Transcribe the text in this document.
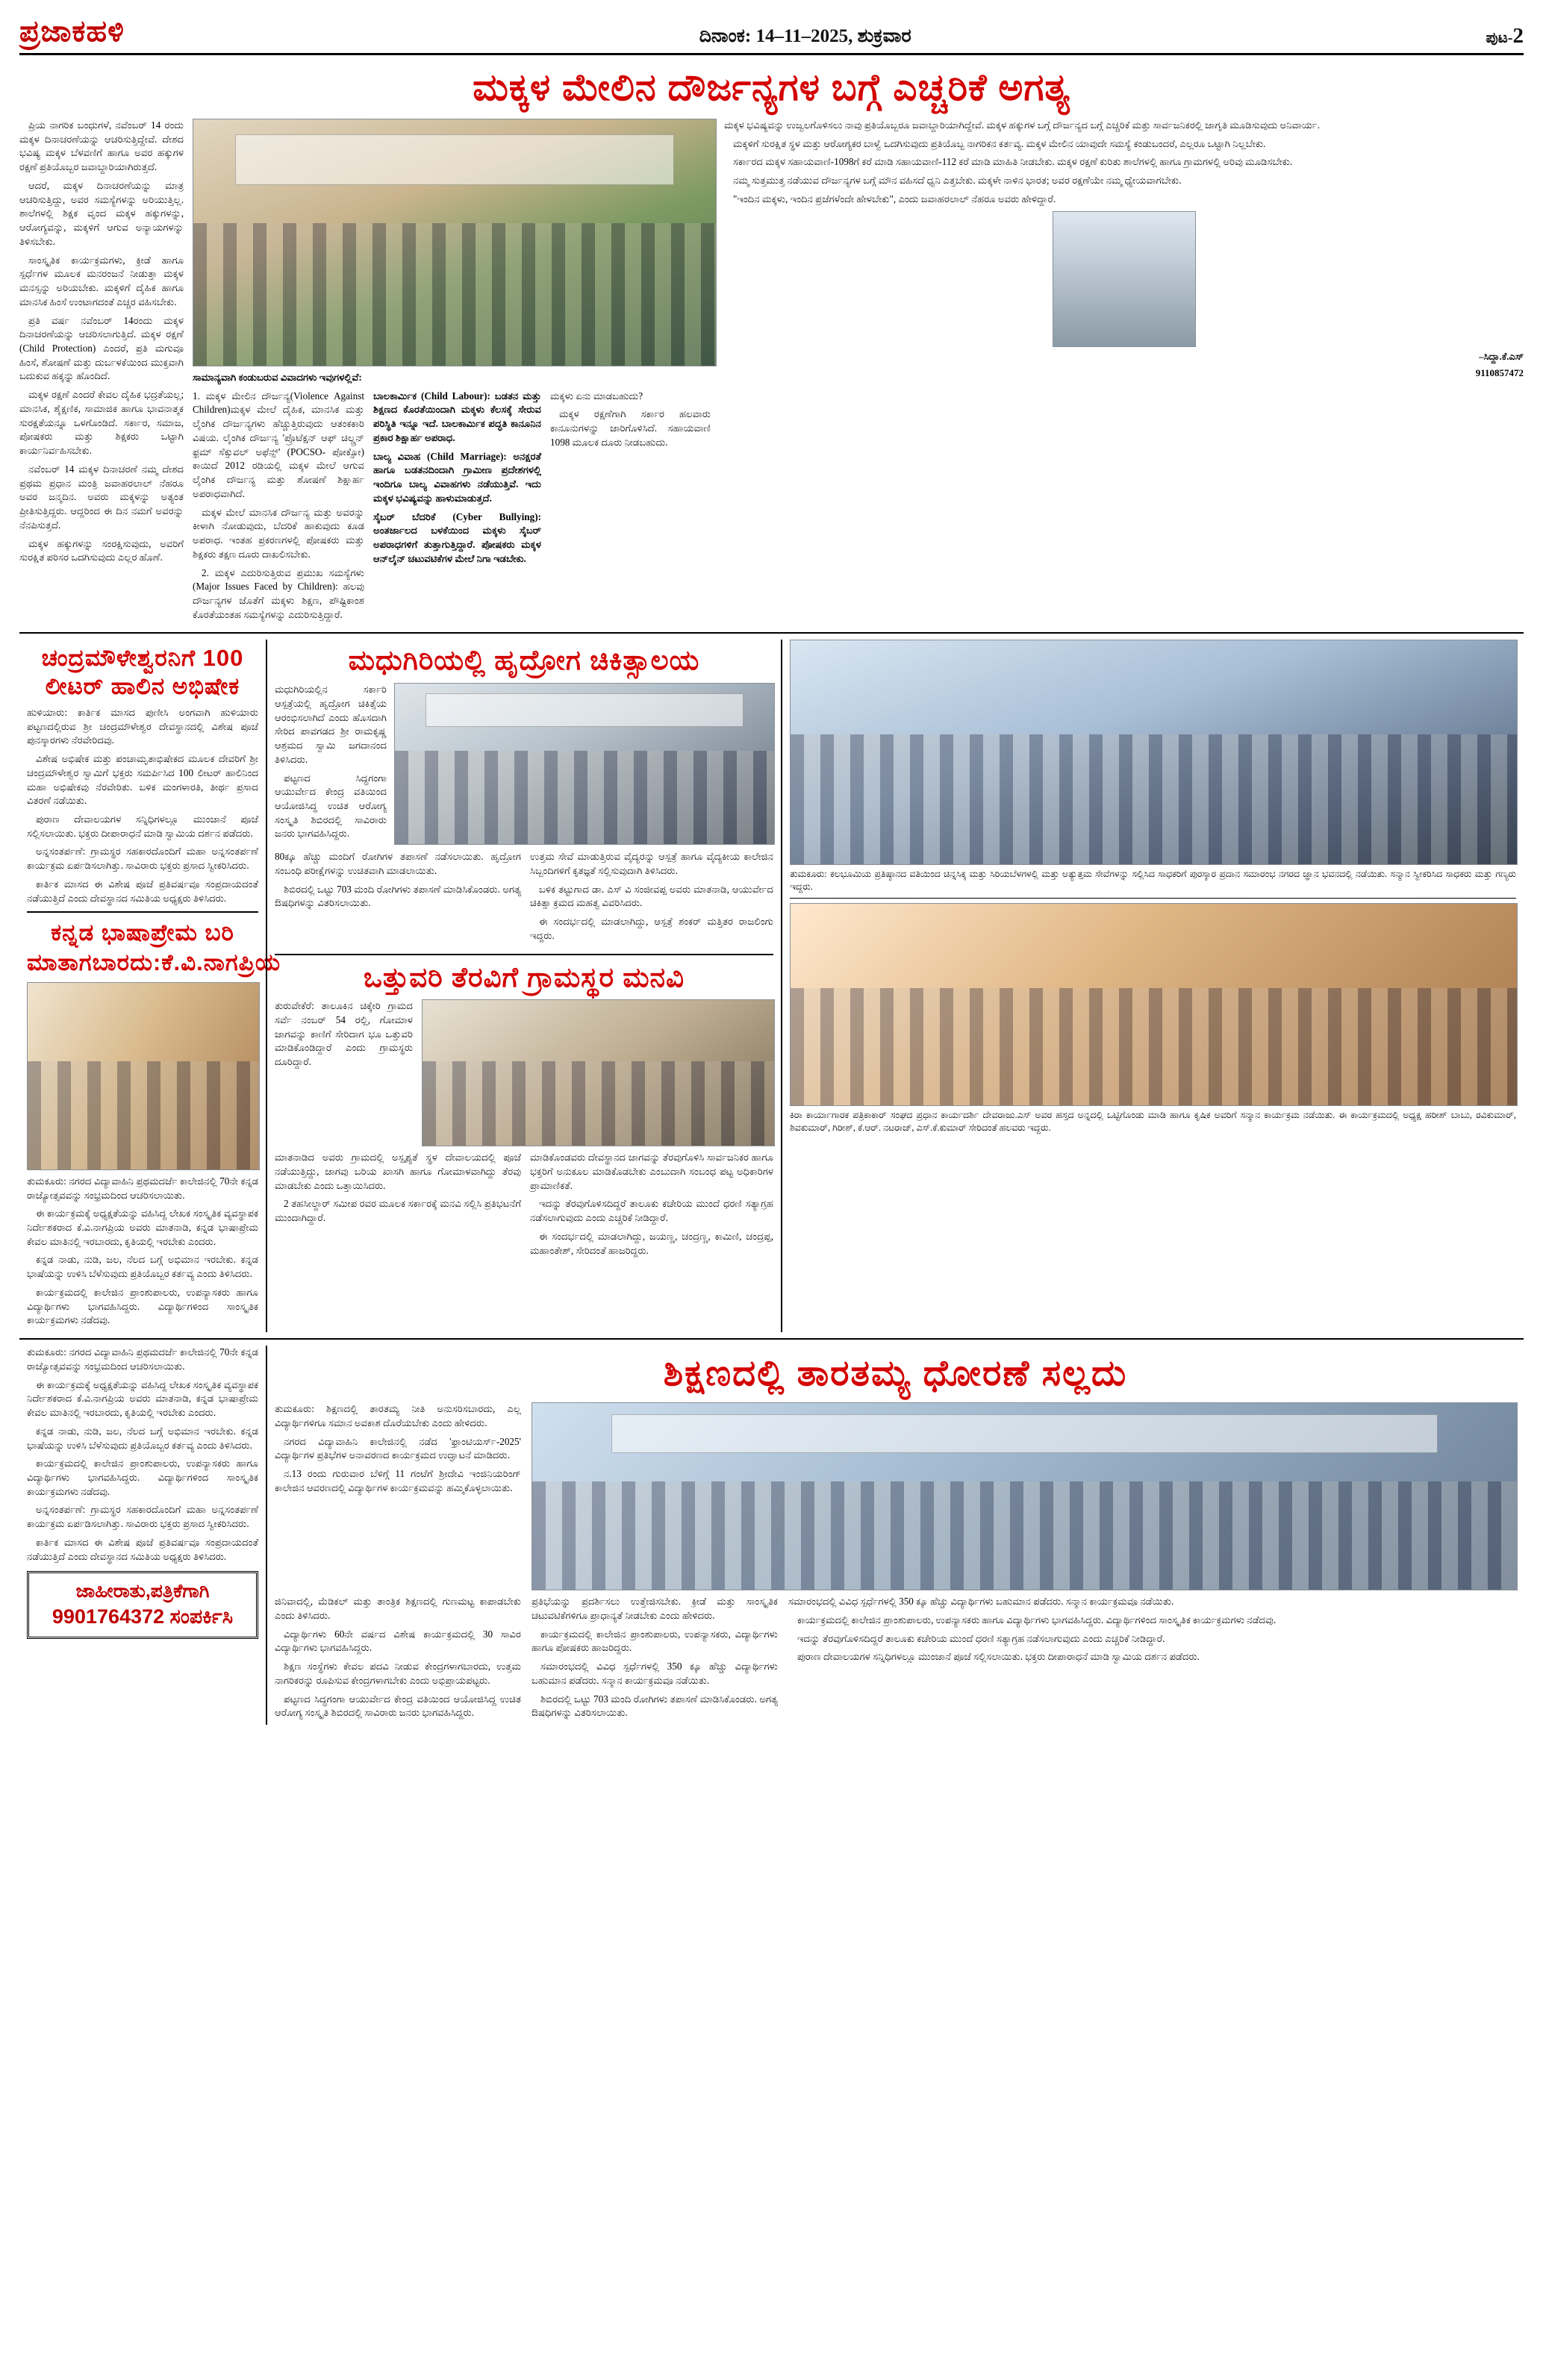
ಪ್ರಜಾಕಹಳಿ	ದಿನಾಂಕ: 14–11–2025, ಶುಕ್ರವಾರ	ಪುಟ-2
ಮಕ್ಕಳ ಮೇಲಿನ ದೌರ್ಜನ್ಯಗಳ ಬಗ್ಗೆ ಎಚ್ಚರಿಕೆ ಅಗತ್ಯ

ಪ್ರಿಯ ನಾಗರಿಕ ಬಂಧುಗಳೆ, ನವೆಂಬರ್ 14 ರಂದು ಮಕ್ಕಳ ದಿನಾಚರಣೆಯನ್ನು ಆಚರಿಸುತ್ತಿದ್ದೇವೆ. ದೇಶದ ಭವಿಷ್ಯ ಮಕ್ಕಳ ಬೆಳವಣಿಗೆ ಹಾಗೂ ಅವರ ಹಕ್ಕುಗಳ ರಕ್ಷಣೆ ಪ್ರತಿಯೊಬ್ಬರ ಜವಾಬ್ದಾರಿಯಾಗಿರುತ್ತದೆ.

ಆದರೆ, ಮಕ್ಕಳ ದಿನಾಚರಣೆಯನ್ನು ಮಾತ್ರ ಆಚರಿಸುತ್ತಿದ್ದು, ಅವರ ಸಮಸ್ಯೆಗಳನ್ನು ಅರಿಯುತ್ತಿಲ್ಲ. ಶಾಲೆಗಳಲ್ಲಿ ಶಿಕ್ಷಕ ವೃಂದ ಮಕ್ಕಳ ಹಕ್ಕುಗಳನ್ನು, ಆರೋಗ್ಯವನ್ನು, ಮಕ್ಕಳಿಗೆ ಆಗುವ ಅನ್ಯಾಯಗಳನ್ನು ತಿಳಿಸಬೇಕು.

ಸಾಂಸ್ಕೃತಿಕ ಕಾರ್ಯಕ್ರಮಗಳು, ಕ್ರೀಡೆ ಹಾಗೂ ಸ್ಪರ್ಧೆಗಳ ಮೂಲಕ ಮನರಂಜನೆ ನೀಡುತ್ತಾ ಮಕ್ಕಳ ಮನಸ್ಸನ್ನು ಅರಿಯಬೇಕು. ಮಕ್ಕಳಿಗೆ ದೈಹಿಕ ಹಾಗೂ ಮಾನಸಿಕ ಹಿಂಸೆ ಉಂಟಾಗದಂತೆ ಎಚ್ಚರ ವಹಿಸಬೇಕು.

ಪ್ರತಿ ವರ್ಷ ನವೆಂಬರ್ 14ರಂದು ಮಕ್ಕಳ ದಿನಾಚರಣೆಯನ್ನು ಆಚರಿಸಲಾಗುತ್ತಿದೆ. ಮಕ್ಕಳ ರಕ್ಷಣೆ (Child Protection) ಎಂದರೆ, ಪ್ರತಿ ಮಗುವೂ ಹಿಂಸೆ, ಶೋಷಣೆ ಮತ್ತು ದುರ್ಬಳಕೆಯಿಂದ ಮುಕ್ತವಾಗಿ ಬದುಕುವ ಹಕ್ಕನ್ನು ಹೊಂದಿದೆ.

ಮಕ್ಕಳ ರಕ್ಷಣೆ ಎಂದರೆ ಕೇವಲ ದೈಹಿಕ ಭದ್ರತೆಯಲ್ಲ; ಮಾನಸಿಕ, ಶೈಕ್ಷಣಿಕ, ಸಾಮಾಜಿಕ ಹಾಗೂ ಭಾವನಾತ್ಮಕ ಸುರಕ್ಷತೆಯನ್ನೂ ಒಳಗೊಂಡಿದೆ. ಸರ್ಕಾರ, ಸಮಾಜ, ಪೋಷಕರು ಮತ್ತು ಶಿಕ್ಷಕರು ಒಟ್ಟಾಗಿ ಕಾರ್ಯನಿರ್ವಹಿಸಬೇಕು.

ನವೆಂಬರ್ 14 ಮಕ್ಕಳ ದಿನಾಚರಣೆ ನಮ್ಮ ದೇಶದ ಪ್ರಥಮ ಪ್ರಧಾನ ಮಂತ್ರಿ ಜವಾಹರಲಾಲ್ ನೆಹರೂ ಅವರ ಜನ್ಮದಿನ. ಅವರು ಮಕ್ಕಳನ್ನು ಅತ್ಯಂತ ಪ್ರೀತಿಸುತ್ತಿದ್ದರು. ಆದ್ದರಿಂದ ಈ ದಿನ ನಮಗೆ ಅವರನ್ನು ನೆನಪಿಸುತ್ತದೆ.

ಮಕ್ಕಳ ಹಕ್ಕುಗಳನ್ನು ಸಂರಕ್ಷಿಸುವುದು, ಅವರಿಗೆ ಸುರಕ್ಷಿತ ಪರಿಸರ ಒದಗಿಸುವುದು ಎಲ್ಲರ ಹೊಣೆ.

ಸಾಮಾನ್ಯವಾಗಿ ಕಂಡುಬರುವ ವಿವಾದಗಳು ಇವುಗಳಲ್ಲಿವೆ:

1. ಮಕ್ಕಳ ಮೇಲಿನ ದೌರ್ಜನ್ಯ(Violence Against Children)ಮಕ್ಕಳ ಮೇಲೆ ದೈಹಿಕ, ಮಾನಸಿಕ ಮತ್ತು ಲೈಂಗಿಕ ದೌರ್ಜನ್ಯಗಳು ಹೆಚ್ಚುತ್ತಿರುವುದು ಆತಂಕಕಾರಿ ವಿಷಯ. ಲೈಂಗಿಕ ದೌರ್ಜನ್ಯ 'ಪ್ರೊಟೆಕ್ಷನ್ ಆಫ್ ಚಿಲ್ಡ್ರನ್ ಫ್ರಮ್ ಸೆಕ್ಸುವಲ್ ಅಫೆನ್ಸ್' (POCSO- ಪೋಕ್ಸೋ) ಕಾಯಿದೆ 2012 ರಡಿಯಲ್ಲಿ ಮಕ್ಕಳ ಮೇಲೆ ಆಗುವ ಲೈಂಗಿಕ ದೌರ್ಜನ್ಯ ಮತ್ತು ಶೋಷಣೆ ಶಿಕ್ಷಾರ್ಹ ಅಪರಾಧವಾಗಿದೆ.

ಮಕ್ಕಳ ಮೇಲೆ ಮಾನಸಿಕ ದೌರ್ಜನ್ಯ ಮತ್ತು ಅವರನ್ನು ಕೀಳಾಗಿ ನೋಡುವುದು, ಬೆದರಿಕೆ ಹಾಕುವುದು ಕೂಡ ಅಪರಾಧ. ಇಂತಹ ಪ್ರಕರಣಗಳಲ್ಲಿ ಪೋಷಕರು ಮತ್ತು ಶಿಕ್ಷಕರು ತಕ್ಷಣ ದೂರು ದಾಖಲಿಸಬೇಕು.

2. ಮಕ್ಕಳ ಎದುರಿಸುತ್ತಿರುವ ಪ್ರಮುಖ ಸಮಸ್ಯೆಗಳು (Major Issues Faced by Children): ಹಲವು ದೌರ್ಜನ್ಯಗಳ ಜೊತೆಗೆ ಮಕ್ಕಳು ಶಿಕ್ಷಣ, ಪೌಷ್ಟಿಕಾಂಶ ಕೊರತೆಯಂತಹ ಸಮಸ್ಯೆಗಳನ್ನು ಎದುರಿಸುತ್ತಿದ್ದಾರೆ.

ಬಾಲಕಾರ್ಮಿಕ (Child Labour): ಬಡತನ ಮತ್ತು ಶಿಕ್ಷಣದ ಕೊರತೆಯಿಂದಾಗಿ ಮಕ್ಕಳು ಕೆಲಸಕ್ಕೆ ಸೇರುವ ಪರಿಸ್ಥಿತಿ ಇನ್ನೂ ಇದೆ. ಬಾಲಕಾರ್ಮಿಕ ಪದ್ಧತಿ ಕಾನೂನಿನ ಪ್ರಕಾರ ಶಿಕ್ಷಾರ್ಹ ಅಪರಾಧ.

ಬಾಲ್ಯ ವಿವಾಹ (Child Marriage): ಅನಕ್ಷರತೆ ಹಾಗೂ ಬಡತನದಿಂದಾಗಿ ಗ್ರಾಮೀಣ ಪ್ರದೇಶಗಳಲ್ಲಿ ಇಂದಿಗೂ ಬಾಲ್ಯ ವಿವಾಹಗಳು ನಡೆಯುತ್ತಿವೆ. ಇದು ಮಕ್ಕಳ ಭವಿಷ್ಯವನ್ನು ಹಾಳುಮಾಡುತ್ತದೆ.

ಸೈಬರ್ ಬೆದರಿಕೆ (Cyber Bullying): ಅಂತರ್ಜಾಲದ ಬಳಕೆಯಿಂದ ಮಕ್ಕಳು ಸೈಬರ್ ಅಪರಾಧಗಳಿಗೆ ತುತ್ತಾಗುತ್ತಿದ್ದಾರೆ. ಪೋಷಕರು ಮಕ್ಕಳ ಆನ್‌ಲೈನ್ ಚಟುವಟಿಕೆಗಳ ಮೇಲೆ ನಿಗಾ ಇಡಬೇಕು.

ಮಕ್ಕಳು ಏನು ಮಾಡಬಹುದು?

ಮಕ್ಕಳ ರಕ್ಷಣೆಗಾಗಿ ಸರ್ಕಾರ ಹಲವಾರು ಕಾನೂನುಗಳನ್ನು ಜಾರಿಗೊಳಿಸಿದೆ. ಸಹಾಯವಾಣಿ 1098 ಮೂಲಕ ದೂರು ನೀಡಬಹುದು.

ಮಕ್ಕಳ ಭವಿಷ್ಯವನ್ನು ಉಜ್ವಲಗೊಳಿಸಲು ನಾವು ಪ್ರತಿಯೊಬ್ಬರೂ ಜವಾಬ್ದಾರಿಯಾಗಿದ್ದೇವೆ. ಮಕ್ಕಳ ಹಕ್ಕುಗಳ ಬಗ್ಗೆ ದೌರ್ಜನ್ಯದ ಬಗ್ಗೆ ಎಚ್ಚರಿಕೆ ಮತ್ತು ಸಾರ್ವಜನಿಕರಲ್ಲಿ ಜಾಗೃತಿ ಮೂಡಿಸುವುದು ಅನಿವಾರ್ಯ.

ಮಕ್ಕಳಿಗೆ ಸುರಕ್ಷಿತ ಸ್ಥಳ ಮತ್ತು ಆರೋಗ್ಯಕರ ಬಾಳ್ವೆ ಒದಗಿಸುವುದು ಪ್ರತಿಯೊಬ್ಬ ನಾಗರಿಕನ ಕರ್ತವ್ಯ. ಮಕ್ಕಳ ಮೇಲಿನ ಯಾವುದೇ ಸಮಸ್ಯೆ ಕಂಡುಬಂದರೆ, ಎಲ್ಲರೂ ಒಟ್ಟಾಗಿ ನಿಲ್ಲಬೇಕು.

ಸರ್ಕಾರದ ಮಕ್ಕಳ ಸಹಾಯವಾಣಿ-1098ಗೆ ಕರೆ ಮಾಡಿ ಸಹಾಯವಾಣಿ-112 ಕರೆ ಮಾಡಿ ಮಾಹಿತಿ ನೀಡಬೇಕು. ಮಕ್ಕಳ ರಕ್ಷಣೆ ಕುರಿತು ಶಾಲೆಗಳಲ್ಲಿ ಹಾಗೂ ಗ್ರಾಮಗಳಲ್ಲಿ ಅರಿವು ಮೂಡಿಸಬೇಕು.

ನಮ್ಮ ಸುತ್ತಮುತ್ತ ನಡೆಯುವ ದೌರ್ಜನ್ಯಗಳ ಬಗ್ಗೆ ಮೌನ ವಹಿಸದೆ ಧ್ವನಿ ಎತ್ತಬೇಕು. ಮಕ್ಕಳೇ ನಾಳಿನ ಭಾರತ; ಅವರ ರಕ್ಷಣೆಯೇ ನಮ್ಮ ಧ್ಯೇಯವಾಗಬೇಕು.

"ಇಂದಿನ ಮಕ್ಕಳು, ಇಂದಿನ ಪ್ರಜೆಗಳೆಂದೇ ಹೇಳಬೇಕು", ಎಂದು ಜವಾಹರಲಾಲ್ ನೆಹರೂ ಅವರು ಹೇಳಿದ್ದಾರೆ.

–ಸಿದ್ದಾ.ಕೆ.ಎಸ್
9110857472
ಚಂದ್ರಮೌಳೇಶ್ವರನಿಗೆ 100 ಲೀಟರ್ ಹಾಲಿನ ಅಭಿಷೇಕ

ಹುಳಿಯಾರು: ಕಾರ್ತಿಕ ಮಾಸದ ಪುಣೀಸಿ ಅಂಗವಾಗಿ ಹುಳಿಯಾರು ಪಟ್ಟಣದಲ್ಲಿರುವ ಶ್ರೀ ಚಂದ್ರಮೌಳೇಶ್ವರ ದೇವಸ್ಥಾನದಲ್ಲಿ ವಿಶೇಷ ಪೂಜೆ ಪುನಸ್ಕಾರಗಳು ನೆರವೇರಿದವು.

ವಿಶೇಷ ಅಭಿಷೇಕ ಮತ್ತು ಪಂಚಾಮೃತಾಭಿಷೇಕದ ಮೂಲಕ ದೇವರಿಗೆ ಶ್ರೀ ಚಂದ್ರಮೌಳೇಶ್ವರ ಸ್ವಾಮಿಗೆ ಭಕ್ತರು ಸಮರ್ಪಿಸಿದ 100 ಲೀಟರ್ ಹಾಲಿನಿಂದ ಮಹಾ ಅಭಿಷೇಕವು ನೆರವೇರಿತು. ಬಳಿಕ ಮಂಗಳಾರತಿ, ತೀರ್ಥ ಪ್ರಸಾದ ವಿತರಣೆ ನಡೆಯಿತು.

ಪುರಾಣ ದೇವಾಲಯಗಳ ಸನ್ನಿಧಿಗಳಲ್ಲೂ ಮುಂಜಾನೆ ಪೂಜೆ ಸಲ್ಲಿಸಲಾಯಿತು. ಭಕ್ತರು ದೀಪಾರಾಧನೆ ಮಾಡಿ ಸ್ವಾಮಿಯ ದರ್ಶನ ಪಡೆದರು.

ಅನ್ನಸಂತರ್ಪಣೆ: ಗ್ರಾಮಸ್ಥರ ಸಹಕಾರದೊಂದಿಗೆ ಮಹಾ ಅನ್ನಸಂತರ್ಪಣೆ ಕಾರ್ಯಕ್ರಮ ಏರ್ಪಡಿಸಲಾಗಿತ್ತು. ಸಾವಿರಾರು ಭಕ್ತರು ಪ್ರಸಾದ ಸ್ವೀಕರಿಸಿದರು.

ಕಾರ್ತಿಕ ಮಾಸದ ಈ ವಿಶೇಷ ಪೂಜೆ ಪ್ರತಿವರ್ಷವೂ ಸಂಪ್ರದಾಯದಂತೆ ನಡೆಯುತ್ತಿದೆ ಎಂದು ದೇವಸ್ಥಾನದ ಸಮಿತಿಯ ಅಧ್ಯಕ್ಷರು ತಿಳಿಸಿದರು.

ಕನ್ನಡ ಭಾಷಾಪ್ರೇಮ ಬರಿ
ಮಾತಾಗಬಾರದು:ಕೆ.ವಿ.ನಾಗಪ್ರಿಯ

ತುಮಕೂರು: ನಗರದ ವಿದ್ಯಾವಾಹಿನಿ ಪ್ರಥಮದರ್ಜೆ ಕಾಲೇಜಿನಲ್ಲಿ 70ನೇ ಕನ್ನಡ ರಾಜ್ಯೋತ್ಸವವನ್ನು ಸಂಭ್ರಮದಿಂದ ಆಚರಿಸಲಾಯಿತು.

ಈ ಕಾರ್ಯಕ್ರಮಕ್ಕೆ ಅಧ್ಯಕ್ಷತೆಯನ್ನು ವಹಿಸಿದ್ದ ಲೇಖಕ ಸಂಸ್ಕೃತಿಕ ವ್ಯವಸ್ಥಾಪಕ ನಿರ್ದೇಶಕರಾದ ಕೆ.ವಿ.ನಾಗಪ್ರಿಯ ಅವರು ಮಾತನಾಡಿ, ಕನ್ನಡ ಭಾಷಾಪ್ರೇಮ ಕೇವಲ ಮಾತಿನಲ್ಲಿ ಇರಬಾರದು, ಕೃತಿಯಲ್ಲಿ ಇರಬೇಕು ಎಂದರು.

ಕನ್ನಡ ನಾಡು, ನುಡಿ, ಜಲ, ನೆಲದ ಬಗ್ಗೆ ಅಭಿಮಾನ ಇರಬೇಕು. ಕನ್ನಡ ಭಾಷೆಯನ್ನು ಉಳಿಸಿ ಬೆಳೆಸುವುದು ಪ್ರತಿಯೊಬ್ಬರ ಕರ್ತವ್ಯ ಎಂದು ತಿಳಿಸಿದರು.

ಕಾರ್ಯಕ್ರಮದಲ್ಲಿ ಕಾಲೇಜಿನ ಪ್ರಾಂಶುಪಾಲರು, ಉಪನ್ಯಾಸಕರು ಹಾಗೂ ವಿದ್ಯಾರ್ಥಿಗಳು ಭಾಗವಹಿಸಿದ್ದರು. ವಿದ್ಯಾರ್ಥಿಗಳಿಂದ ಸಾಂಸ್ಕೃತಿಕ ಕಾರ್ಯಕ್ರಮಗಳು ನಡೆದವು.

ಮಧುಗಿರಿಯಲ್ಲಿ ಹೃದ್ರೋಗ ಚಿಕಿತ್ಸಾಲಯ

ಮಧುಗಿರಿಯಲ್ಲಿನ ಸರ್ಕಾರಿ ಆಸ್ಪತ್ರೆಯಲ್ಲಿ ಹೃದ್ರೋಗ ಚಿಕಿತ್ಸೆಯ ಆರಂಭಿಸಲಾಗಿದೆ ಎಂದು ಹೊಸದಾಗಿ ಸೇರಿದ ಪಾವಗಡದ ಶ್ರೀ ರಾಮಕೃಷ್ಣ ಆಶ್ರಮದ ಸ್ವಾಮಿ ಜಗದಾನಂದ ತಿಳಿಸಿದರು.

ಪಟ್ಟಣದ ಸಿದ್ಧಗಂಗಾ ಆಯುರ್ವೇದ ಕೇಂದ್ರ ವತಿಯಿಂದ ಆಯೋಜಿಸಿದ್ದ ಉಚಿತ ಆರೋಗ್ಯ ಸಂಸ್ಕೃತಿ ಶಿಬಿರದಲ್ಲಿ ಸಾವಿರಾರು ಜನರು ಭಾಗವಹಿಸಿದ್ದರು.

80ಕ್ಕೂ ಹೆಚ್ಚು ಮಂದಿಗೆ ರೋಗಿಗಳ ತಪಾಸಣೆ ನಡೆಸಲಾಯಿತು. ಹೃದ್ರೋಗ ಸಂಬಂಧಿ ಪರೀಕ್ಷೆಗಳನ್ನು ಉಚಿತವಾಗಿ ಮಾಡಲಾಯಿತು.

ಶಿಬಿರದಲ್ಲಿ ಒಟ್ಟು 703 ಮಂದಿ ರೋಗಿಗಳು ತಪಾಸಣೆ ಮಾಡಿಸಿಕೊಂಡರು. ಅಗತ್ಯ ಔಷಧಿಗಳನ್ನು ವಿತರಿಸಲಾಯಿತು.

ಉತ್ತಮ ಸೇವೆ ಮಾಡುತ್ತಿರುವ ವೈದ್ಯರನ್ನು ಆಸ್ಪತ್ರೆ ಹಾಗೂ ವೈದ್ಯಕೀಯ ಕಾಲೇಜಿನ ಸಿಬ್ಬಂದಿಗಳಿಗೆ ಕೃತಜ್ಞತೆ ಸಲ್ಲಿಸುವುದಾಗಿ ತಿಳಿಸಿದರು.

ಬಳಿಕ ತಟ್ಟುಗಾದ ಡಾ. ಎಸ್ ವಿ ಸಂಜೀವಪ್ಪ ಅವರು ಮಾತನಾಡಿ, ಆಯುರ್ವೇದ ಚಿಕಿತ್ಸಾ ಕ್ರಮದ ಮಹತ್ವ ವಿವರಿಸಿದರು.

ಈ ಸಂದರ್ಭದಲ್ಲಿ ಮಾಡಲಾಗಿದ್ದು, ಆಸ್ಪತ್ರೆ ಶಂಕರ್ ಮತ್ತಿತರ ರಾಜಲಿಂಗು ಇದ್ದರು.

ಒತ್ತುವರಿ ತೆರವಿಗೆ ಗ್ರಾಮಸ್ಥರ ಮನವಿ

ತುರುವೇಕೆರೆ: ತಾಲೂಕಿನ ಚಿಕ್ಕೇರಿ ಗ್ರಾಮದ ಸರ್ವೆ ನಂಬರ್ 54 ರಲ್ಲಿ, ಗೋಮಾಳ ಜಾಗವನ್ನು ಕಾಣಿಗೆ ಸೇರಿದಾಗ ಭೂ ಒತ್ತುವರಿ ಮಾಡಿಕೊಂಡಿದ್ದಾರೆ ಎಂದು ಗ್ರಾಮಸ್ಥರು ದೂರಿದ್ದಾರೆ.

ಮಾತನಾಡಿದ ಅವರು ಗ್ರಾಮದಲ್ಲಿ ಅಸ್ಪೃಶ್ಯತೆ ಸ್ಥಳ ದೇವಾಲಯದಲ್ಲಿ ಪೂಜೆ ನಡೆಯುತ್ತಿದ್ದು, ಜಾಗವು ಬರಿಯ ಖಾಸಗಿ ಹಾಗೂ ಗೋಮಾಳವಾಗಿದ್ದು ತೆರವು ಮಾಡಬೇಕು ಎಂದು ಒತ್ತಾಯಿಸಿದರು.

2 ತಹಸೀಲ್ದಾರ್ ಸಮೀಪ ರವರ ಮೂಲಕ ಸರ್ಕಾರಕ್ಕೆ ಮನವಿ ಸಲ್ಲಿಸಿ ಪ್ರತಿಭಟನೆಗೆ ಮುಂದಾಗಿದ್ದಾರೆ.

ಮಾಡಿಕೊಂಡವರು ದೇವಸ್ಥಾನದ ಜಾಗವನ್ನು ತೆರವುಗೊಳಿಸಿ ಸಾರ್ವಜನಿಕರ ಹಾಗೂ ಭಕ್ತರಿಗೆ ಅನುಕೂಲ ಮಾಡಿಕೊಡಬೇಕು ಎಂಬುದಾಗಿ ಸಂಬಂಧ ಪಟ್ಟ ಅಧಿಕಾರಿಗಳ ಪ್ರಾಮಾಣಿಕತೆ.

ಇದನ್ನು ತೆರವುಗೊಳಿಸದಿದ್ದರೆ ತಾಲೂಕು ಕಚೇರಿಯ ಮುಂದೆ ಧರಣಿ ಸತ್ಯಾಗ್ರಹ ನಡೆಸಲಾಗುವುದು ಎಂದು ಎಚ್ಚರಿಕೆ ನೀಡಿದ್ದಾರೆ.

ಈ ಸಂದರ್ಭದಲ್ಲಿ ಮಾಡಲಾಗಿದ್ದು, ಜಯಣ್ಣ, ಚಂದ್ರಣ್ಣ, ಕಾಮಿಣಿ, ಚಂದ್ರಪ್ಪ, ಮಹಾಂತೇಶ್, ಸೇರಿದಂತೆ ಹಾಜರಿದ್ದರು.

ತುಮಕೂರು: ಕಲಭೂಮಿಯ ಪ್ರತಿಷ್ಠಾನದ ವತಿಯಿಂದ ಚಿನ್ನಸಿಕ್ಕ ಮತ್ತು ಸಿರಿಯಬೆಳಗಳಲ್ಲಿ ಮತ್ತು ಅತ್ಯುತ್ತಮ ಸೇವೆಗಳನ್ನು ಸಲ್ಲಿಸಿದ ಸಾಧಕರಿಗೆ ಪುರಸ್ಕಾರ ಪ್ರದಾನ ಸಮಾರಂಭ ನಗರದ ಜ್ಞಾನ ಭವನದಲ್ಲಿ ನಡೆಯಿತು. ಸನ್ಮಾನ ಸ್ವೀಕರಿಸಿದ ಸಾಧಕರು ಮತ್ತು ಗಣ್ಯರು ಇದ್ದರು.
ಕಿರಾ ಕಾರ್ಯಾಗಾರಕ ಪತ್ರಿಕಾಕಾರ್ ಸಂಘದ ಪ್ರಧಾನ ಕಾರ್ಯದರ್ಶಿ ದೇವರಾಜು.ಎಸ್ ಅವರ ಹಸ್ತದ ಅನ್ನದಲ್ಲಿ ಒಟ್ಟಿಗೊಂಡು ಮಾಡಿ ಹಾಗೂ ಕೃಷಿಕ ಅವರಿಗೆ ಸನ್ಮಾನ ಕಾರ್ಯಕ್ರಮ ನಡೆಯಿತು. ಈ ಕಾರ್ಯಕ್ರಮದಲ್ಲಿ ಅಧ್ಯಕ್ಷ ಹರೀಶ್ ಬಾಬು, ರವಿಕುಮಾರ್, ಶಿವಕುಮಾರ್, ಗಿರೀಶ್, ಕೆ.ಆರ್. ನಟರಾಜ್, ಎಸ್.ಕೆ.ಕುಮಾರ್ ಸೇರಿದಂತೆ ಹಲವರು ಇದ್ದರು.

ತುಮಕೂರು: ನಗರದ ವಿದ್ಯಾವಾಹಿನಿ ಪ್ರಥಮದರ್ಜೆ ಕಾಲೇಜಿನಲ್ಲಿ 70ನೇ ಕನ್ನಡ ರಾಜ್ಯೋತ್ಸವವನ್ನು ಸಂಭ್ರಮದಿಂದ ಆಚರಿಸಲಾಯಿತು.

ಈ ಕಾರ್ಯಕ್ರಮಕ್ಕೆ ಅಧ್ಯಕ್ಷತೆಯನ್ನು ವಹಿಸಿದ್ದ ಲೇಖಕ ಸಂಸ್ಕೃತಿಕ ವ್ಯವಸ್ಥಾಪಕ ನಿರ್ದೇಶಕರಾದ ಕೆ.ವಿ.ನಾಗಪ್ರಿಯ ಅವರು ಮಾತನಾಡಿ, ಕನ್ನಡ ಭಾಷಾಪ್ರೇಮ ಕೇವಲ ಮಾತಿನಲ್ಲಿ ಇರಬಾರದು, ಕೃತಿಯಲ್ಲಿ ಇರಬೇಕು ಎಂದರು.

ಕನ್ನಡ ನಾಡು, ನುಡಿ, ಜಲ, ನೆಲದ ಬಗ್ಗೆ ಅಭಿಮಾನ ಇರಬೇಕು. ಕನ್ನಡ ಭಾಷೆಯನ್ನು ಉಳಿಸಿ ಬೆಳೆಸುವುದು ಪ್ರತಿಯೊಬ್ಬರ ಕರ್ತವ್ಯ ಎಂದು ತಿಳಿಸಿದರು.

ಕಾರ್ಯಕ್ರಮದಲ್ಲಿ ಕಾಲೇಜಿನ ಪ್ರಾಂಶುಪಾಲರು, ಉಪನ್ಯಾಸಕರು ಹಾಗೂ ವಿದ್ಯಾರ್ಥಿಗಳು ಭಾಗವಹಿಸಿದ್ದರು. ವಿದ್ಯಾರ್ಥಿಗಳಿಂದ ಸಾಂಸ್ಕೃತಿಕ ಕಾರ್ಯಕ್ರಮಗಳು ನಡೆದವು.

ಅನ್ನಸಂತರ್ಪಣೆ: ಗ್ರಾಮಸ್ಥರ ಸಹಕಾರದೊಂದಿಗೆ ಮಹಾ ಅನ್ನಸಂತರ್ಪಣೆ ಕಾರ್ಯಕ್ರಮ ಏರ್ಪಡಿಸಲಾಗಿತ್ತು. ಸಾವಿರಾರು ಭಕ್ತರು ಪ್ರಸಾದ ಸ್ವೀಕರಿಸಿದರು.

ಕಾರ್ತಿಕ ಮಾಸದ ಈ ವಿಶೇಷ ಪೂಜೆ ಪ್ರತಿವರ್ಷವೂ ಸಂಪ್ರದಾಯದಂತೆ ನಡೆಯುತ್ತಿದೆ ಎಂದು ದೇವಸ್ಥಾನದ ಸಮಿತಿಯ ಅಧ್ಯಕ್ಷರು ತಿಳಿಸಿದರು.

ಜಾಹೀರಾತು,ಪತ್ರಿಕೆಗಾಗಿ
9901764372 ಸಂಪರ್ಕಿಸಿ
ಶಿಕ್ಷಣದಲ್ಲಿ ತಾರತಮ್ಯ ಧೋರಣೆ ಸಲ್ಲದು

ತುಮಕೂರು: ಶಿಕ್ಷಣದಲ್ಲಿ ತಾರತಮ್ಯ ನೀತಿ ಅನುಸರಿಸಬಾರದು, ಎಲ್ಲ ವಿದ್ಯಾರ್ಥಿಗಳಿಗೂ ಸಮಾನ ಅವಕಾಶ ದೊರೆಯಬೇಕು ಎಂದು ಹೇಳಿದರು.

ನಗರದ ವಿದ್ಯಾವಾಹಿನಿ ಕಾಲೇಜಿನಲ್ಲಿ ನಡೆದ 'ಫ್ರಾಂಟಿಯರ್ಸ್-2025' ವಿದ್ಯಾರ್ಥಿಗಳ ಪ್ರತಿಭೆಗಳ ಅನಾವರಣದ ಕಾರ್ಯಕ್ರಮದ ಉದ್ಘಾಟನೆ ಮಾಡಿದರು.

ನ.13 ರಂದು ಗುರುವಾರ ಬೆಳಿಗ್ಗೆ 11 ಗಂಟೆಗೆ ಶ್ರೀದೇವಿ ಇಂಜಿನಿಯರಿಂಗ್ ಕಾಲೇಜಿನ ಆವರಣದಲ್ಲಿ ವಿದ್ಯಾರ್ಥಿಗಳ ಕಾರ್ಯಕ್ರಮವನ್ನು ಹಮ್ಮಿಕೊಳ್ಳಲಾಯಿತು.

ಜಿನಿವಾದಲ್ಲಿ, ಮೆಡಿಕಲ್ ಮತ್ತು ತಾಂತ್ರಿಕ ಶಿಕ್ಷಣದಲ್ಲಿ ಗುಣಮಟ್ಟ ಕಾಪಾಡಬೇಕು ಎಂದು ತಿಳಿಸಿದರು.

ವಿದ್ಯಾರ್ಥಿಗಳು 60ನೇ ವರ್ಷದ ವಿಶೇಷ ಕಾರ್ಯಕ್ರಮದಲ್ಲಿ 30 ಸಾವಿರ ವಿದ್ಯಾರ್ಥಿಗಳು ಭಾಗವಹಿಸಿದ್ದರು.

ಶಿಕ್ಷಣ ಸಂಸ್ಥೆಗಳು ಕೇವಲ ಪದವಿ ನೀಡುವ ಕೇಂದ್ರಗಳಾಗಬಾರದು, ಉತ್ತಮ ನಾಗರಿಕರನ್ನು ರೂಪಿಸುವ ಕೇಂದ್ರಗಳಾಗಬೇಕು ಎಂದು ಅಭಿಪ್ರಾಯಪಟ್ಟರು.

ಪಟ್ಟಣದ ಸಿದ್ಧಗಂಗಾ ಆಯುರ್ವೇದ ಕೇಂದ್ರ ವತಿಯಿಂದ ಆಯೋಜಿಸಿದ್ದ ಉಚಿತ ಆರೋಗ್ಯ ಸಂಸ್ಕೃತಿ ಶಿಬಿರದಲ್ಲಿ ಸಾವಿರಾರು ಜನರು ಭಾಗವಹಿಸಿದ್ದರು.

ಪ್ರತಿಭೆಯನ್ನು ಪ್ರದರ್ಶಿಸಲು ಉತ್ತೇಜಿಸಬೇಕು. ಕ್ರೀಡೆ ಮತ್ತು ಸಾಂಸ್ಕೃತಿಕ ಚಟುವಟಿಕೆಗಳಿಗೂ ಪ್ರಾಧಾನ್ಯತೆ ನೀಡಬೇಕು ಎಂದು ಹೇಳಿದರು.

ಕಾರ್ಯಕ್ರಮದಲ್ಲಿ ಕಾಲೇಜಿನ ಪ್ರಾಂಶುಪಾಲರು, ಉಪನ್ಯಾಸಕರು, ವಿದ್ಯಾರ್ಥಿಗಳು ಹಾಗೂ ಪೋಷಕರು ಹಾಜರಿದ್ದರು.

ಸಮಾರಂಭದಲ್ಲಿ ವಿವಿಧ ಸ್ಪರ್ಧೆಗಳಲ್ಲಿ 350 ಕ್ಕೂ ಹೆಚ್ಚು ವಿದ್ಯಾರ್ಥಿಗಳು ಬಹುಮಾನ ಪಡೆದರು. ಸನ್ಮಾನ ಕಾರ್ಯಕ್ರಮವೂ ನಡೆಯಿತು.

ಶಿಬಿರದಲ್ಲಿ ಒಟ್ಟು 703 ಮಂದಿ ರೋಗಿಗಳು ತಪಾಸಣೆ ಮಾಡಿಸಿಕೊಂಡರು. ಅಗತ್ಯ ಔಷಧಿಗಳನ್ನು ವಿತರಿಸಲಾಯಿತು.

ಸಮಾರಂಭದಲ್ಲಿ ವಿವಿಧ ಸ್ಪರ್ಧೆಗಳಲ್ಲಿ 350 ಕ್ಕೂ ಹೆಚ್ಚು ವಿದ್ಯಾರ್ಥಿಗಳು ಬಹುಮಾನ ಪಡೆದರು. ಸನ್ಮಾನ ಕಾರ್ಯಕ್ರಮವೂ ನಡೆಯಿತು.

ಕಾರ್ಯಕ್ರಮದಲ್ಲಿ ಕಾಲೇಜಿನ ಪ್ರಾಂಶುಪಾಲರು, ಉಪನ್ಯಾಸಕರು ಹಾಗೂ ವಿದ್ಯಾರ್ಥಿಗಳು ಭಾಗವಹಿಸಿದ್ದರು. ವಿದ್ಯಾರ್ಥಿಗಳಿಂದ ಸಾಂಸ್ಕೃತಿಕ ಕಾರ್ಯಕ್ರಮಗಳು ನಡೆದವು.

ಇದನ್ನು ತೆರವುಗೊಳಿಸದಿದ್ದರೆ ತಾಲೂಕು ಕಚೇರಿಯ ಮುಂದೆ ಧರಣಿ ಸತ್ಯಾಗ್ರಹ ನಡೆಸಲಾಗುವುದು ಎಂದು ಎಚ್ಚರಿಕೆ ನೀಡಿದ್ದಾರೆ.

ಪುರಾಣ ದೇವಾಲಯಗಳ ಸನ್ನಿಧಿಗಳಲ್ಲೂ ಮುಂಜಾನೆ ಪೂಜೆ ಸಲ್ಲಿಸಲಾಯಿತು. ಭಕ್ತರು ದೀಪಾರಾಧನೆ ಮಾಡಿ ಸ್ವಾಮಿಯ ದರ್ಶನ ಪಡೆದರು.
